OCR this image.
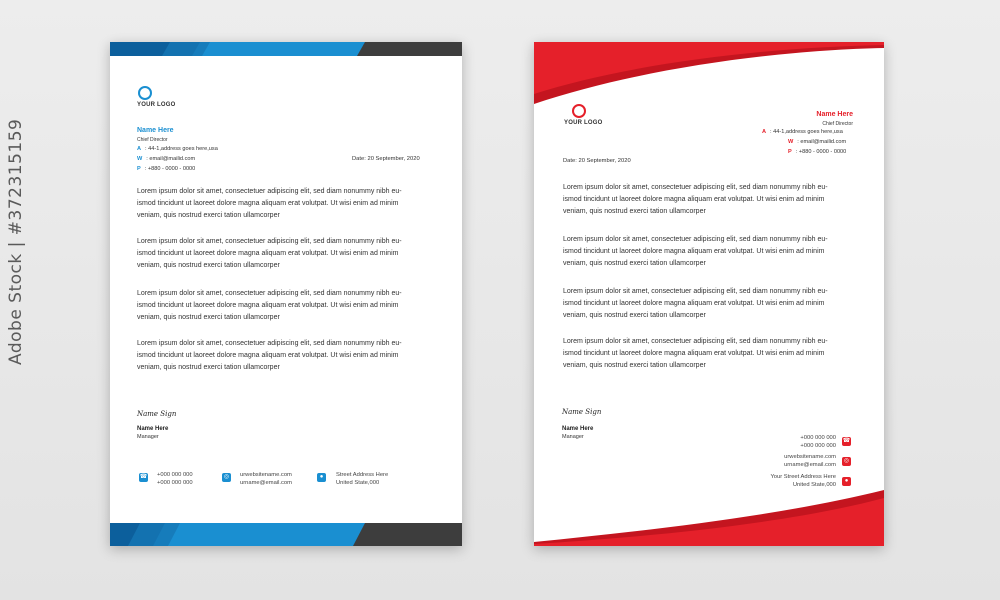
Adobe Stock | #372315159
YOUR LOGO
Name Here
Chief Director
A : 44-1,address goes here,usa
W : email@mailid.com
P : +880 - 0000 - 0000
Date: 20 September, 2020
Lorem ipsum dolor sit amet, consectetuer adipiscing elit, sed diam nonummy nibh eu-
ismod tincidunt ut laoreet dolore magna aliquam erat volutpat. Ut wisi enim ad minim
veniam, quis nostrud exerci tation ullamcorper
Lorem ipsum dolor sit amet, consectetuer adipiscing elit, sed diam nonummy nibh eu-
ismod tincidunt ut laoreet dolore magna aliquam erat volutpat. Ut wisi enim ad minim
veniam, quis nostrud exerci tation ullamcorper
Lorem ipsum dolor sit amet, consectetuer adipiscing elit, sed diam nonummy nibh eu-
ismod tincidunt ut laoreet dolore magna aliquam erat volutpat. Ut wisi enim ad minim
veniam, quis nostrud exerci tation ullamcorper
Lorem ipsum dolor sit amet, consectetuer adipiscing elit, sed diam nonummy nibh eu-
ismod tincidunt ut laoreet dolore magna aliquam erat volutpat. Ut wisi enim ad minim
veniam, quis nostrud exerci tation ullamcorper
Name Sign
Name Here
Manager
☎ +000 000 000
+000 000 000
◎	urwebsitename.com
urname@email.com
●	Street Address Here
United State,000
YOUR LOGO
Name Here
Chief Director
A : 44-1,address goes here,usa
W : email@mailid.com
P : +880 - 0000 - 0000
Date: 20 September, 2020
Lorem ipsum dolor sit amet, consectetuer adipiscing elit, sed diam nonummy nibh eu-
ismod tincidunt ut laoreet dolore magna aliquam erat volutpat. Ut wisi enim ad minim
veniam, quis nostrud exerci tation ullamcorper
Lorem ipsum dolor sit amet, consectetuer adipiscing elit, sed diam nonummy nibh eu-
ismod tincidunt ut laoreet dolore magna aliquam erat volutpat. Ut wisi enim ad minim
veniam, quis nostrud exerci tation ullamcorper
Lorem ipsum dolor sit amet, consectetuer adipiscing elit, sed diam nonummy nibh eu-
ismod tincidunt ut laoreet dolore magna aliquam erat volutpat. Ut wisi enim ad minim
veniam, quis nostrud exerci tation ullamcorper
Lorem ipsum dolor sit amet, consectetuer adipiscing elit, sed diam nonummy nibh eu-
ismod tincidunt ut laoreet dolore magna aliquam erat volutpat. Ut wisi enim ad minim
veniam, quis nostrud exerci tation ullamcorper
Name Sign
Name Here
Manager	+000 000 000
+000 000 000
☎
urwebsitename.com
urname@email.com
◎
Your Street Address Here
United State,000
●
